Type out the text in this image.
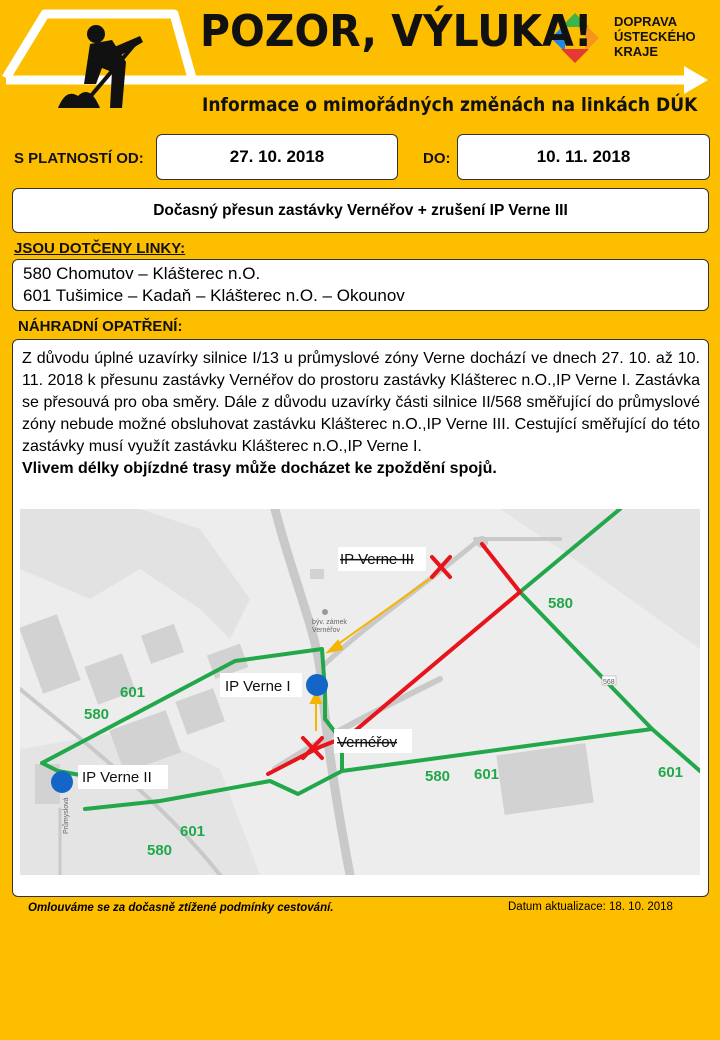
POZOR, VÝLUKA!
Informace o mimořádných změnách na linkách DÚK
DOPRAVA
ÚSTECKÉHO
KRAJE
S PLATNOSTÍ OD:	27. 10. 2018	DO:	10. 11. 2018
Dočasný přesun zastávky Vernéřov + zrušení IP Verne III
JSOU DOTČENY LINKY:
580 Chomutov – Klášterec n.O.
601 Tušimice – Kadaň – Klášterec n.O. – Okounov
NÁHRADNÍ OPATŘENÍ:
Z důvodu úplné uzavírky silnice I/13 u průmyslové zóny Verne dochází ve dnech 27. 10. až 10. 11. 2018 k přesunu zastávky Vernéřov do prostoru zastávky Klášterec n.O.,IP Verne I. Zastávka se přesouvá pro oba směry. Dále z důvodu uzavírky části silnice II/568 směřující do průmyslové zóny nebude možné obsluhovat zastávku Klášterec n.O.,IP Verne III. Cestující směřující do této zastávky musí využít zastávku Klášterec n.O.,IP Verne I.
Vlivem délky objízdné trasy může docházet ke zpoždění spojů.
IP Verne I
IP Verne II
IP Verne III
Vernéřov
580
601
580
580 601	601
601
580
Průmyslová
býv. zámek
Vernéřov
568
Omlouváme se za dočasně ztížené podmínky cestování.	Datum aktualizace: 18. 10. 2018
